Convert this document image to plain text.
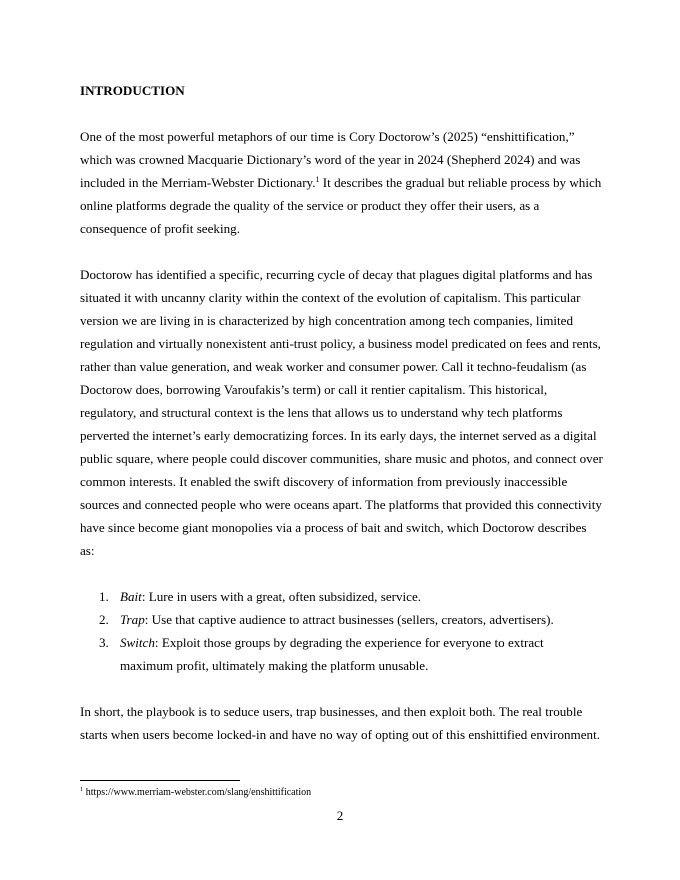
INTRODUCTION

One of the most powerful metaphors of our time is Cory Doctorow’s (2025) “enshittification,” which was crowned Macquarie Dictionary’s word of the year in 2024 (Shepherd 2024) and was included in the Merriam-Webster Dictionary.$^1$ It describes the gradual but reliable process by which online platforms degrade the quality of the service or product they offer their users, as a consequence of profit seeking.

Doctorow has identified a specific, recurring cycle of decay that plagues digital platforms and has situated it with uncanny clarity within the context of the evolution of capitalism. This particular version we are living in is characterized by high concentration among tech companies, limited regulation and virtually nonexistent anti-trust policy, a business model predicated on fees and rents, rather than value generation, and weak worker and consumer power. Call it techno-feudalism (as Doctorow does, borrowing Varoufakis’s term) or call it rentier capitalism. This historical, regulatory, and structural context is the lens that allows us to understand why tech platforms perverted the internet’s early democratizing forces. In its early days, the internet served as a digital public square, where people could discover communities, share music and photos, and connect over common interests. It enabled the swift discovery of information from previously inaccessible sources and connected people who were oceans apart. The platforms that provided this connectivity have since become giant monopolies via a process of bait and switch, which Doctorow describes as:

1. Bait: Lure in users with a great, often subsidized, service.
2. Trap: Use that captive audience to attract businesses (sellers, creators, advertisers).
3. Switch: Exploit those groups by degrading the experience for everyone to extract maximum profit, ultimately making the platform unusable.

In short, the playbook is to seduce users, trap businesses, and then exploit both. The real trouble starts when users become locked-in and have no way of opting out of this enshittified environment.

$^1$ https://www.merriam-webster.com/slang/enshittification
2
